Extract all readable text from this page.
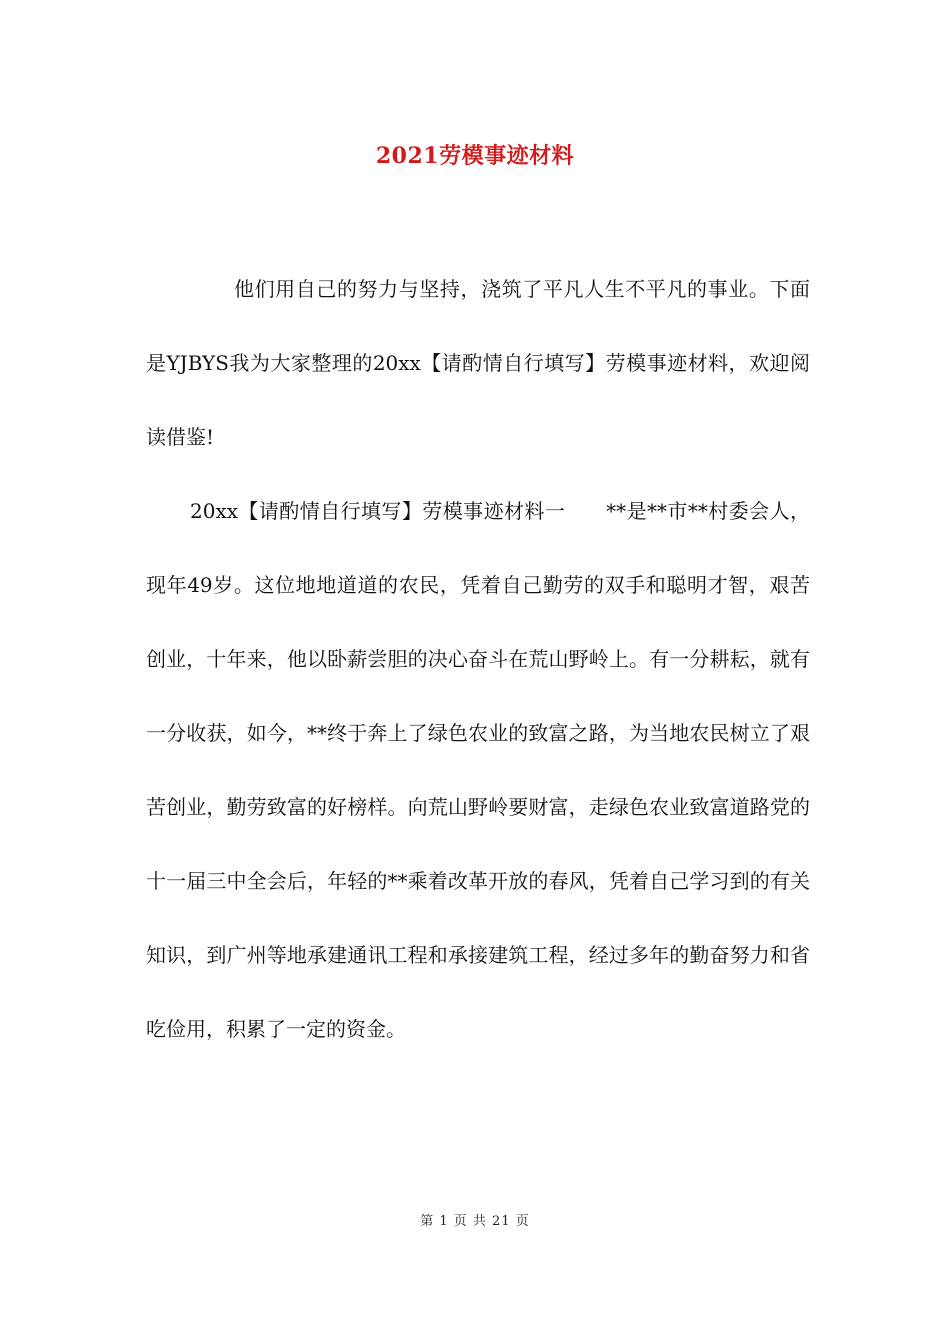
2021劳模事迹材料

他们用自己的努力与坚持，浇筑了平凡人生不平凡的事业。下面是YJBYS我为大家整理的20xx【请酌情自行填写】劳模事迹材料，欢迎阅读借鉴!

20xx【请酌情自行填写】劳模事迹材料一　　**是**市**村委会人，现年49岁。这位地地道道的农民，凭着自己勤劳的双手和聪明才智，艰苦创业，十年来，他以卧薪尝胆的决心奋斗在荒山野岭上。有一分耕耘，就有一分收获，如今，**终于奔上了绿色农业的致富之路，为当地农民树立了艰苦创业，勤劳致富的好榜样。向荒山野岭要财富，走绿色农业致富道路党的十一届三中全会后，年轻的**乘着改革开放的春风，凭着自己学习到的有关知识，到广州等地承建通讯工程和承接建筑工程，经过多年的勤奋努力和省吃俭用，积累了一定的资金。

第 1 页 共 21 页
